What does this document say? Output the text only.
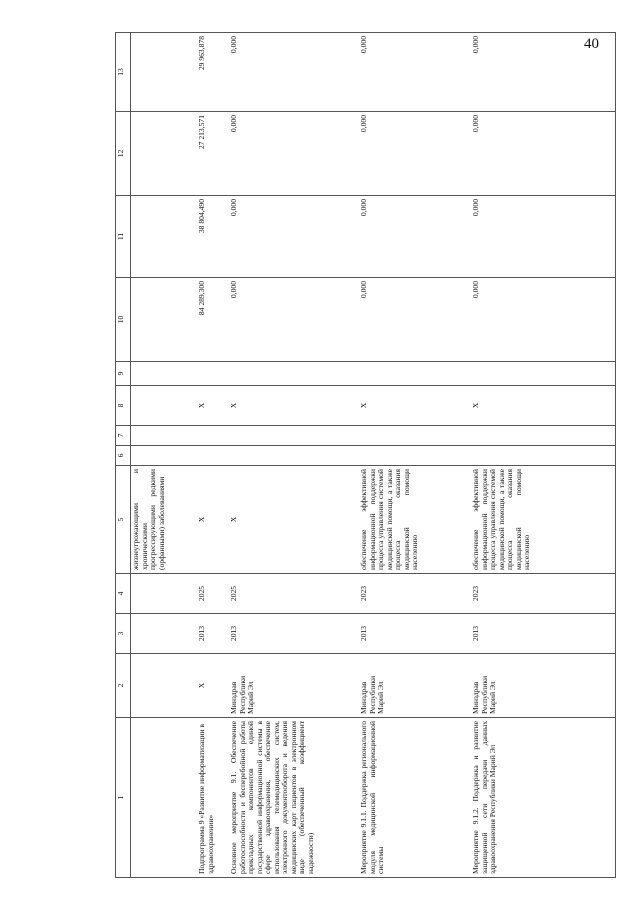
40
1	2	3	4	5	6	7	8	9	10	11	12	13
				жизнеугрожающими и хроническими прогрессирующими редкими (орфанными) заболеваниями								
Подпрограмма 9 «Развитие информатизации в здравоохранении»	Х	2013	2025	Х			Х		84 289,300	38 804,490	27 213,571	29 963,878
Основное мероприятие 9.1. Обеспечение работоспособности и бесперебойной работы прикладных компонентов единой государственной информационной системы в сфере здравоохранения, обеспечение использования телемедицинских систем, электронного документооборота и ведения медицинских карт пациентов в электронном виде (обеспеченный коэффициент надежности)	Минздрав Республики Марий Эл	2013	2025	Х			Х		0,000	0,000	0,000	0,000
Мероприятие 9.1.1. Поддержка регионального модуля медицинской информационной системы	Минздрав Республики Марий Эл	2013	2023	обеспечение эффективной информационной поддержки процесса управления системой медицинской помощи, а также процесса оказания медицинской помощи населению			Х		0,000	0,000	0,000	0,000
Мероприятие 9.1.2. Поддержка и развитие защищенной сети передачи данных здравоохранения Республики Марий Эл	Минздрав Республики Марий Эл	2013	2023	обеспечение эффективной информационной поддержки процесса управления системой медицинской помощи, а также процесса оказания медицинской помощи населению			Х		0,000	0,000	0,000	0,000
